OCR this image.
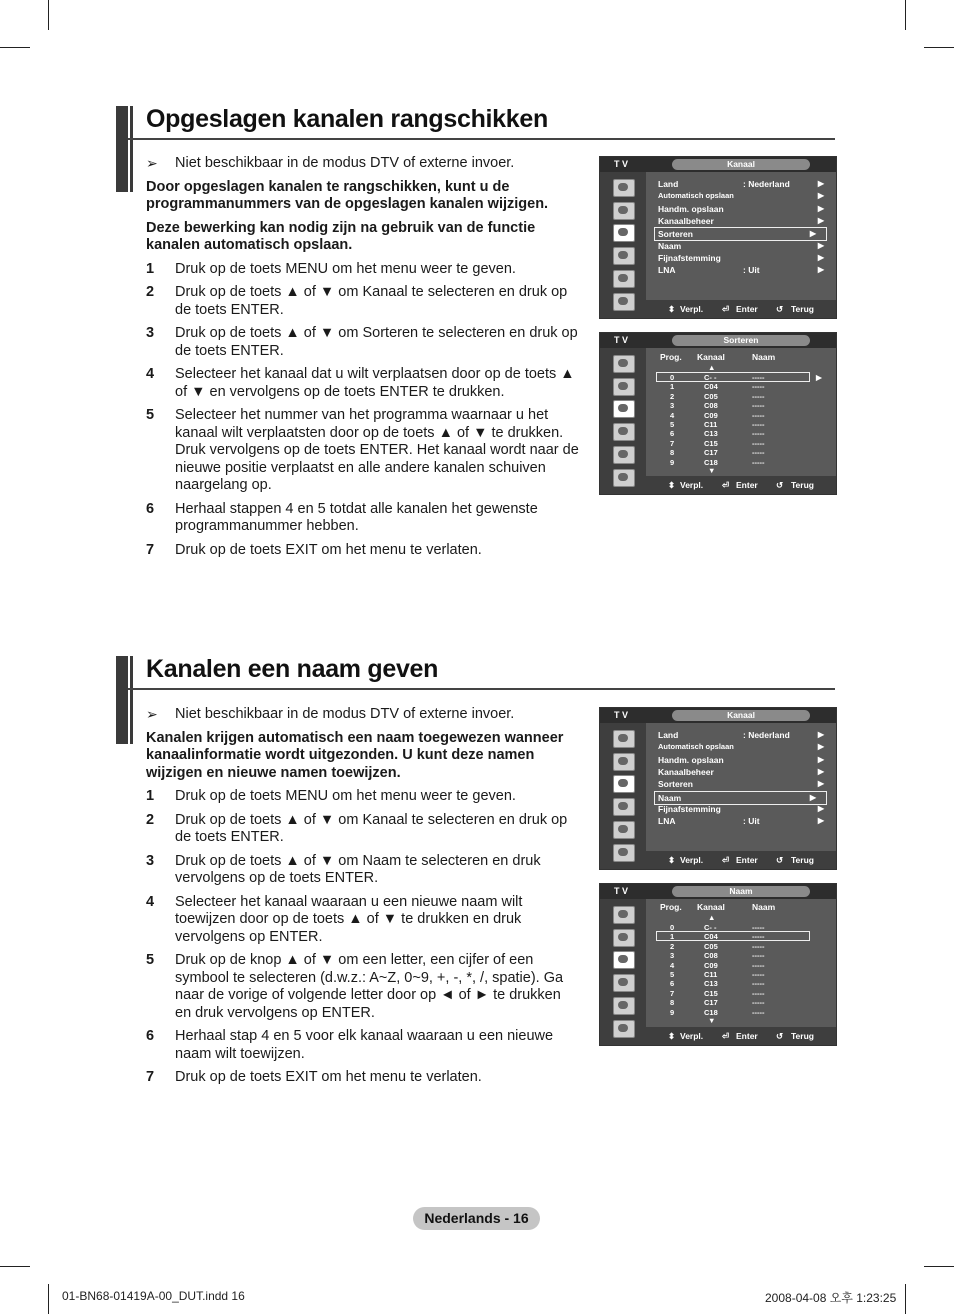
Opgeslagen kanalen rangschikken
➢ Niet beschikbaar in de modus DTV of externe invoer.

Door opgeslagen kanalen te rangschikken, kunt u de programmanummers van de opgeslagen kanalen wijzigen.

Deze bewerking kan nodig zijn na gebruik van de functie kanalen automatisch opslaan.

1 Druk op de toets MENU om het menu weer te geven.
2 Druk op de toets ▲ of ▼ om Kanaal te selecteren en druk op de toets ENTER.
3 Druk op de toets ▲ of ▼ om Sorteren te selecteren en druk op de toets ENTER.
4 Selecteer het kanaal dat u wilt verplaatsen door op de toets ▲ of ▼ en vervolgens op de toets ENTER te drukken.
5 Selecteer het nummer van het programma waarnaar u het kanaal wilt verplaatsten door op de toets ▲ of ▼ te drukken. Druk vervolgens op de toets ENTER. Het kanaal wordt naar de nieuwe positie verplaatst en alle andere kanalen schuiven naargelang op.
6 Herhaal stappen 4 en 5 totdat alle kanalen het gewenste programmanummer hebben.
7 Druk op de toets EXIT om het menu te verlaten.
T V	Kanaal
⬍ Verpl. ⏎ Enter ↺ Terug
Land	: Nederland	▶
Automatisch opslaan	▶
Handm. opslaan	▶
Kanaalbeheer	▶
Sorteren	▶
Naam	▶
Fijnafstemming	▶
LNA	: Uit	▶
T V	Sorteren
Prog. Kanaal	Naam
▲
▶
▼
⬍ Verpl. ⏎ Enter ↺ Terug
0	C- -	-----
1	C04	-----
2	C05	-----
3	C08	-----
4	C09	-----
5	C11	-----
6	C13	-----
7	C15	-----
8	C17	-----
9	C18	-----
Kanalen een naam geven
➢ Niet beschikbaar in de modus DTV of externe invoer.

Kanalen krijgen automatisch een naam toegewezen wanneer kanaalinformatie wordt uitgezonden. U kunt deze namen wijzigen en nieuwe namen toewijzen.

1 Druk op de toets MENU om het menu weer te geven.
2 Druk op de toets ▲ of ▼ om Kanaal te selecteren en druk op de toets ENTER.
3 Druk op de toets ▲ of ▼ om Naam te selecteren en druk vervolgens op de toets ENTER.
4 Selecteer het kanaal waaraan u een nieuwe naam wilt toewijzen door op de toets ▲ of ▼ te drukken en druk vervolgens op ENTER.
5 Druk op de knop ▲ of ▼ om een letter, een cijfer of een symbool te selecteren (d.w.z.: A~Z, 0~9, +, -, *, /, spatie). Ga naar de vorige of volgende letter door op ◄ of ► te drukken en druk vervolgens op ENTER.
6 Herhaal stap 4 en 5 voor elk kanaal waaraan u een nieuwe naam wilt toewijzen.
7 Druk op de toets EXIT om het menu te verlaten.
T V	Kanaal
⬍ Verpl. ⏎ Enter ↺ Terug
Land	: Nederland	▶
Automatisch opslaan	▶
Handm. opslaan	▶
Kanaalbeheer	▶
Sorteren	▶
Naam	▶
Fijnafstemming	▶
LNA	: Uit	▶
T V	Naam
Prog. Kanaal	Naam
▲
▼
⬍ Verpl. ⏎ Enter ↺ Terug
0	C- -	-----
1	C04	-----
2	C05	-----
3	C08	-----
4	C09	-----
5	C11	-----
6	C13	-----
7	C15	-----
8	C17	-----
9	C18	-----
Nederlands - 16
01-BN68-01419A-00_DUT.indd 16	2008-04-08 오후 1:23:25
